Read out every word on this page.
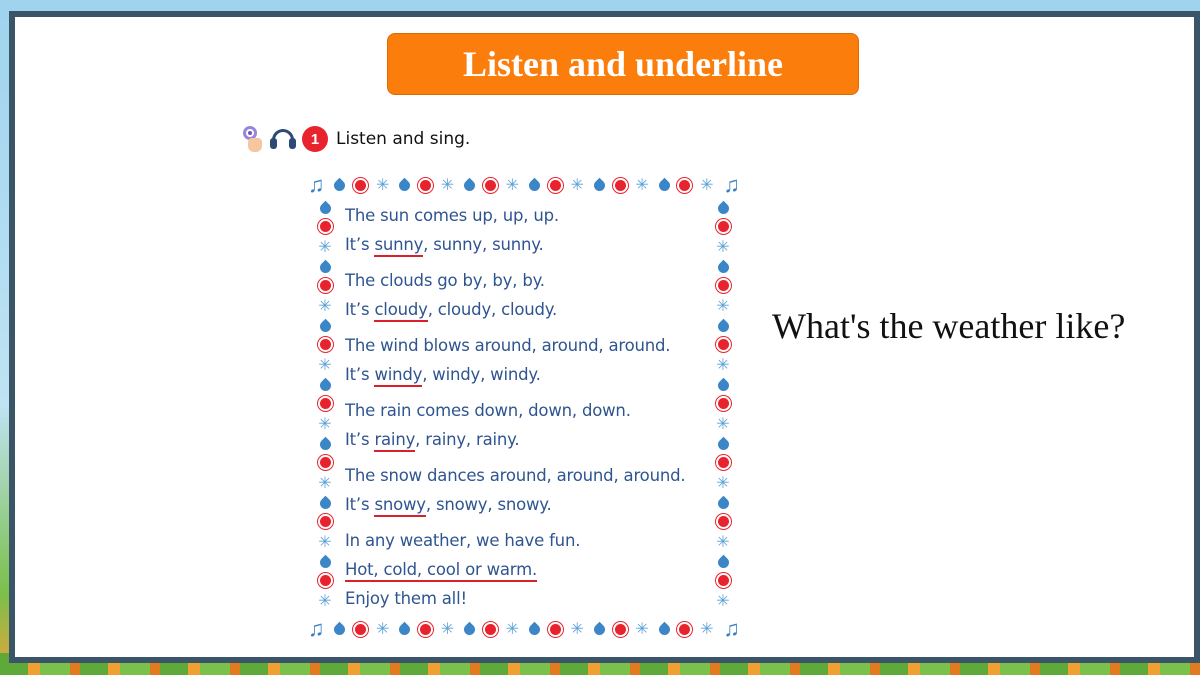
Listen and underline
1 Listen and sing.
♫	✳	✳	✳	✳	✳	✳ ♫
♫	✳	✳	✳	✳	✳	✳ ♫
✳
✳
✳
✳
✳
✳
✳
✳
✳
✳
✳
✳
✳
✳
The sun comes up, up, up.
It’s sunny, sunny, sunny.
The clouds go by, by, by.
It’s cloudy, cloudy, cloudy.
The wind blows around, around, around.
It’s windy, windy, windy.
The rain comes down, down, down.
It’s rainy, rainy, rainy.
The snow dances around, around, around.
It’s snowy, snowy, snowy.
In any weather, we have fun.
Hot, cold, cool or warm.
Enjoy them all!
What's the weather like?
